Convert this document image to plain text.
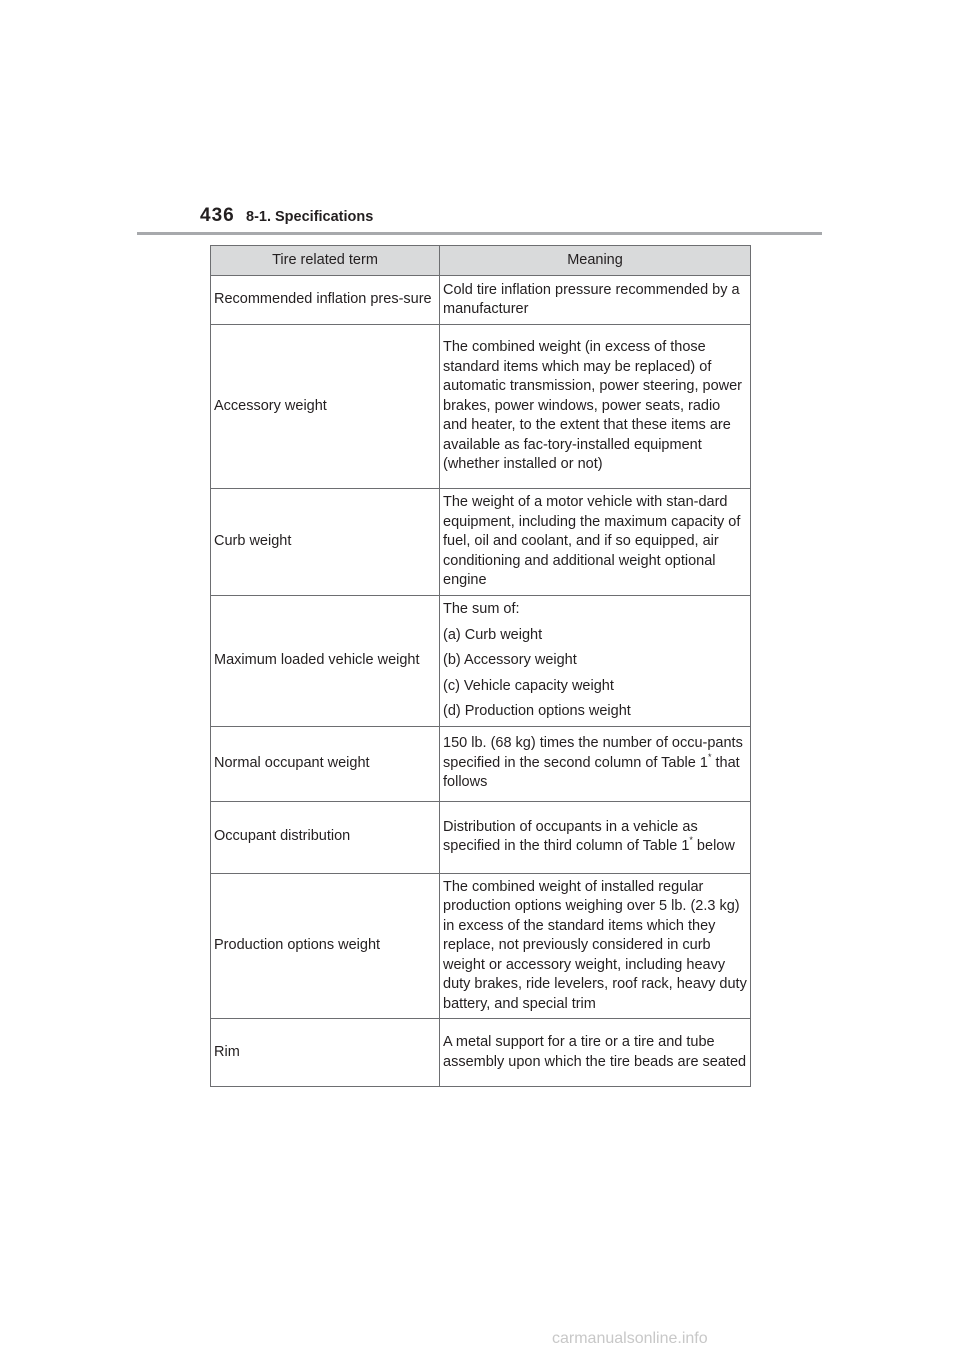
436 8-1. Specifications
Tire related term	Meaning
Recommended inflation pres-sure	Cold tire inflation pressure recommended by a manufacturer
Accessory weight	The combined weight (in excess of those standard items which may be replaced) of automatic transmission, power steering, power brakes, power windows, power seats, radio and heater, to the extent that these items are available as fac-tory-installed equipment (whether installed or not)
Curb weight	The weight of a motor vehicle with stan-dard equipment, including the maximum capacity of fuel, oil and coolant, and if so equipped, air conditioning and additional weight optional engine
Maximum loaded vehicle weight	The sum of:
(a) Curb weight
(b) Accessory weight
(c) Vehicle capacity weight
(d) Production options weight

Normal occupant weight	150 lb. (68 kg) times the number of occu-pants specified in the second column of Table 1* that follows
Occupant distribution	Distribution of occupants in a vehicle as specified in the third column of Table 1* below
Production options weight	The combined weight of installed regular production options weighing over 5 lb. (2.3 kg) in excess of the standard items which they replace, not previously considered in curb weight or accessory weight, including heavy duty brakes, ride levelers, roof rack, heavy duty battery, and special trim
Rim	A metal support for a tire or a tire and tube assembly upon which the tire beads are seated
carmanualsonline.info
